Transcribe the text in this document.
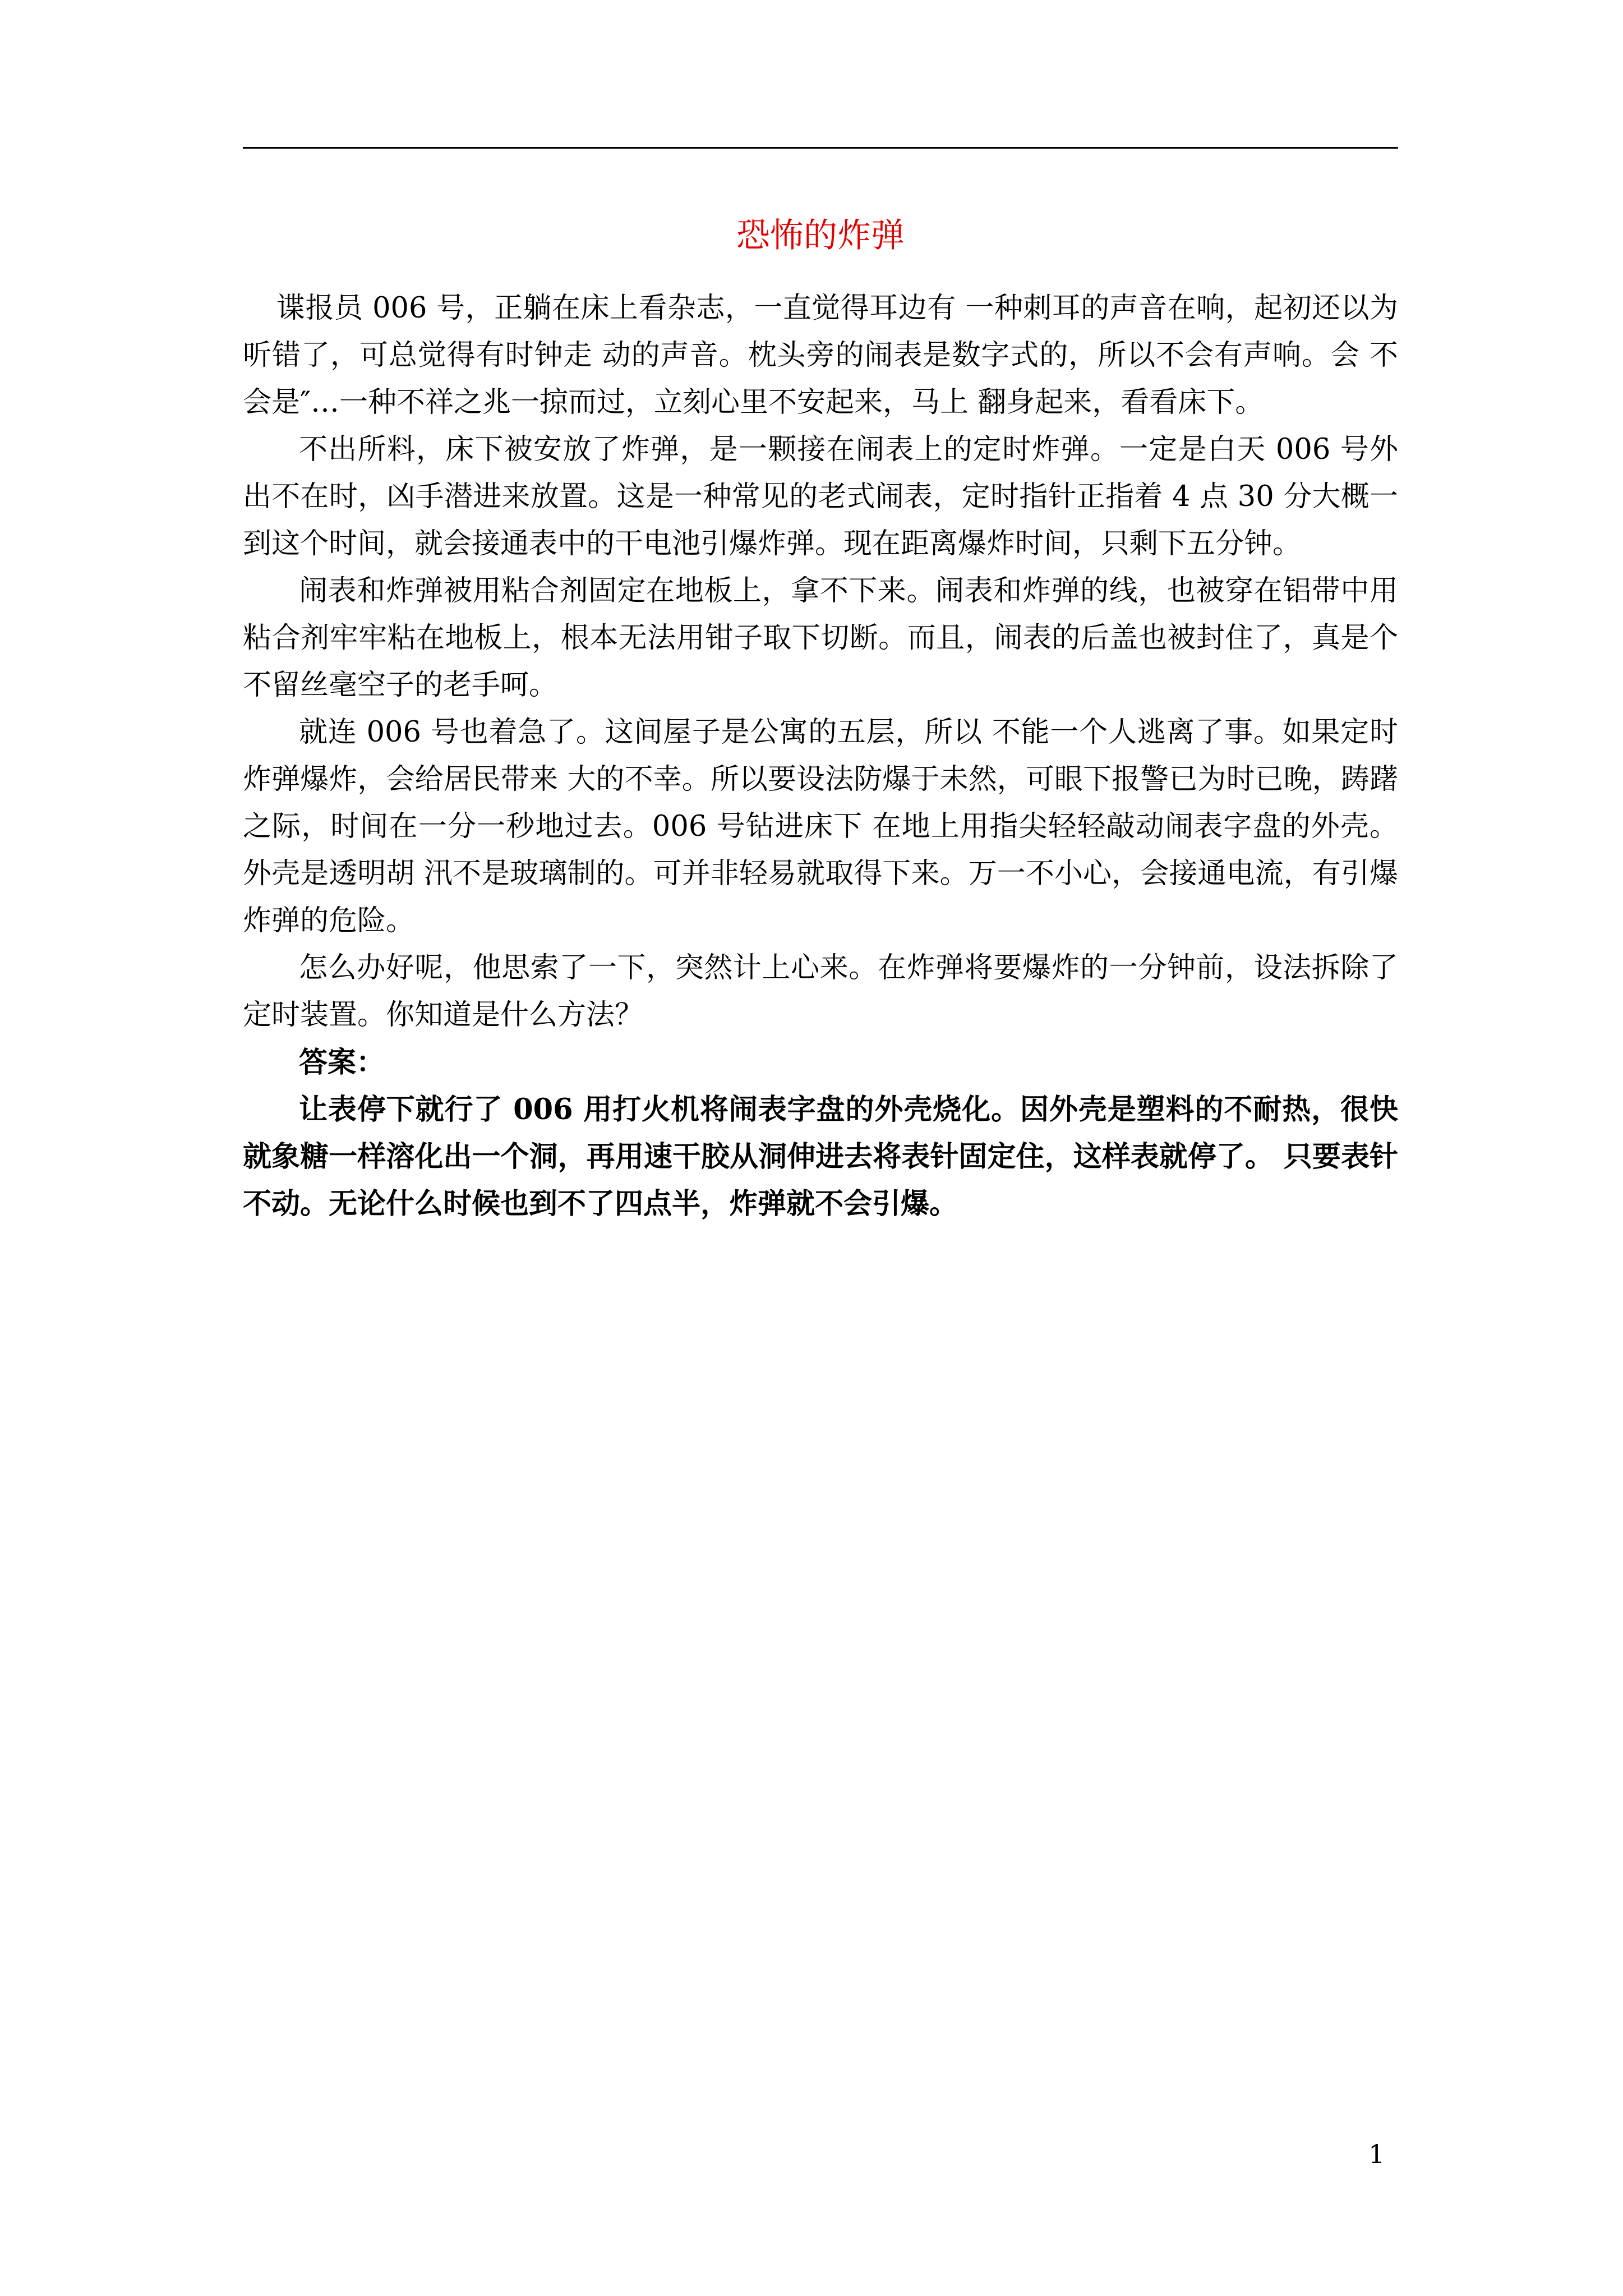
恐怖的炸弹

谍报员 006 号，正躺在床上看杂志，一直觉得耳边有 一种刺耳的声音在响，起初还以为听错了，可总觉得有时钟走 动的声音。枕头旁的闹表是数字式的，所以不会有声响。会 不会是″…一种不祥之兆一掠而过，立刻心里不安起来，马上 翻身起来，看看床下。

不出所料，床下被安放了炸弹，是一颗接在闹表上的定时炸弹。一定是白天 006 号外出不在时，凶手潜进来放置。这是一种常见的老式闹表，定时指针正指着 4 点 30 分大概一到这个时间，就会接通表中的干电池引爆炸弹。现在距离爆炸时间，只剩下五分钟。

闹表和炸弹被用粘合剂固定在地板上，拿不下来。闹表和炸弹的线，也被穿在铝带中用粘合剂牢牢粘在地板上，根本无法用钳子取下切断。而且，闹表的后盖也被封住了，真是个不留丝毫空子的老手呵。

就连 006 号也着急了。这间屋子是公寓的五层，所以 不能一个人逃离了事。如果定时炸弹爆炸，会给居民带来 大的不幸。所以要设法防爆于未然，可眼下报警已为时已晚，踌躇之际，时间在一分一秒地过去。006 号钻进床下 在地上用指尖轻轻敲动闹表字盘的外壳。外壳是透明胡 汛不是玻璃制的。可并非轻易就取得下来。万一不小心，会接通电流，有引爆炸弹的危险。

怎么办好呢，他思索了一下，突然计上心来。在炸弹将要爆炸的一分钟前，设法拆除了定时装置。你知道是什么方法？

答案：

让表停下就行了 006 用打火机将闹表字盘的外壳烧化。因外壳是塑料的不耐热，很快就象糖一样溶化出一个洞，再用速干胶从洞伸进去将表针固定住，这样表就停了。 只要表针不动。无论什么时候也到不了四点半，炸弹就不会引爆。

1
